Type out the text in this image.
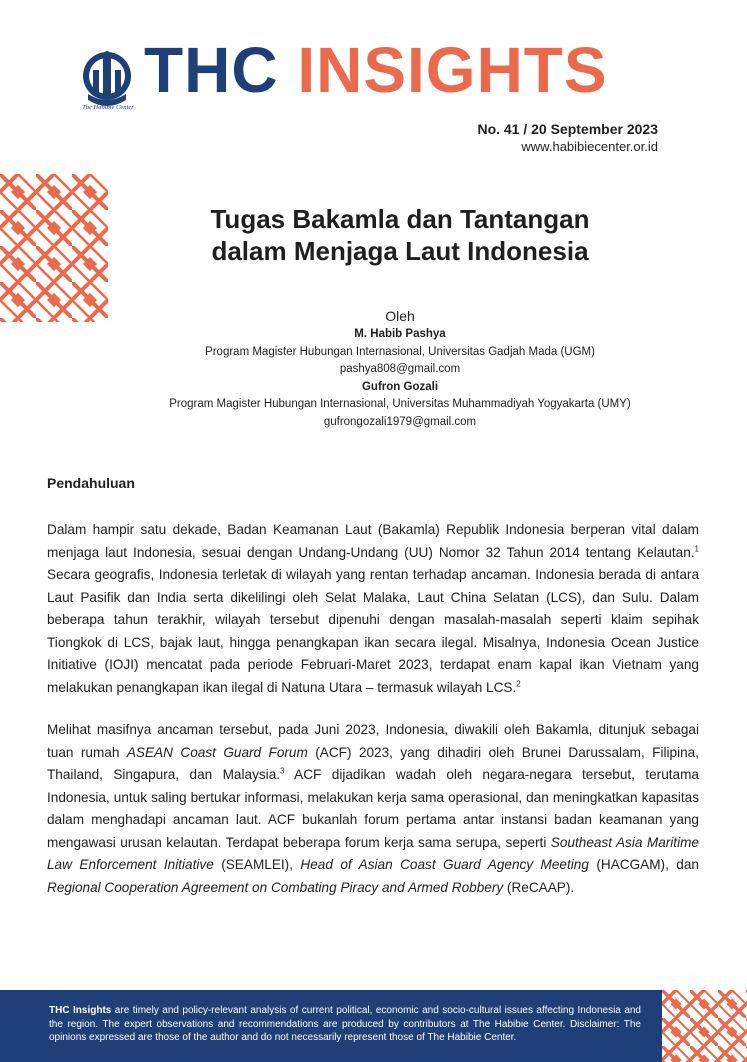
The Habibie Center
THC INSIGHTS
No. 41 / 20 September 2023
www.habibiecenter.or.id
Tugas Bakamla dan Tantangan
dalam Menjaga Laut Indonesia
Oleh
M. Habib Pashya
Program Magister Hubungan Internasional, Universitas Gadjah Mada (UGM)
pashya808@gmail.com
Gufron Gozali
Program Magister Hubungan Internasional, Universitas Muhammadiyah Yogyakarta (UMY)
gufrongozali1979@gmail.com
Pendahuluan

Dalam hampir satu dekade, Badan Keamanan Laut (Bakamla) Republik Indonesia berperan vital dalam menjaga laut Indonesia, sesuai dengan Undang-Undang (UU) Nomor 32 Tahun 2014 tentang Kelautan.$^1$ Secara geografis, Indonesia terletak di wilayah yang rentan terhadap ancaman. Indonesia berada di antara Laut Pasifik dan India serta dikelilingi oleh Selat Malaka, Laut China Selatan (LCS), dan Sulu. Dalam beberapa tahun terakhir, wilayah tersebut dipenuhi dengan masalah-masalah seperti klaim sepihak Tiongkok di LCS, bajak laut, hingga penangkapan ikan secara ilegal. Misalnya, Indonesia Ocean Justice Initiative (IOJI) mencatat pada periode Februari-Maret 2023, terdapat enam kapal ikan Vietnam yang melakukan penangkapan ikan ilegal di Natuna Utara – termasuk wilayah LCS.$^2$

Melihat masifnya ancaman tersebut, pada Juni 2023, Indonesia, diwakili oleh Bakamla, ditunjuk sebagai tuan rumah ASEAN Coast Guard Forum (ACF) 2023, yang dihadiri oleh Brunei Darussalam, Filipina, Thailand, Singapura, dan Malaysia.$^3$ ACF dijadikan wadah oleh negara-negara tersebut, terutama Indonesia, untuk saling bertukar informasi, melakukan kerja sama operasional, dan meningkatkan kapasitas dalam menghadapi ancaman laut. ACF bukanlah forum pertama antar instansi badan keamanan yang mengawasi urusan kelautan. Terdapat beberapa forum kerja sama serupa, seperti Southeast Asia Maritime Law Enforcement Initiative (SEAMLEI), Head of Asian Coast Guard Agency Meeting (HACGAM), dan Regional Cooperation Agreement on Combating Piracy and Armed Robbery (ReCAAP).

THC Insights are timely and policy-relevant analysis of current political, economic and socio-cultural issues affecting Indonesia and the region. The expert observations and recommendations are produced by contributors at The Habibie Center. Disclaimer: The opinions expressed are those of the author and do not necessarily represent those of The Habibie Center.
